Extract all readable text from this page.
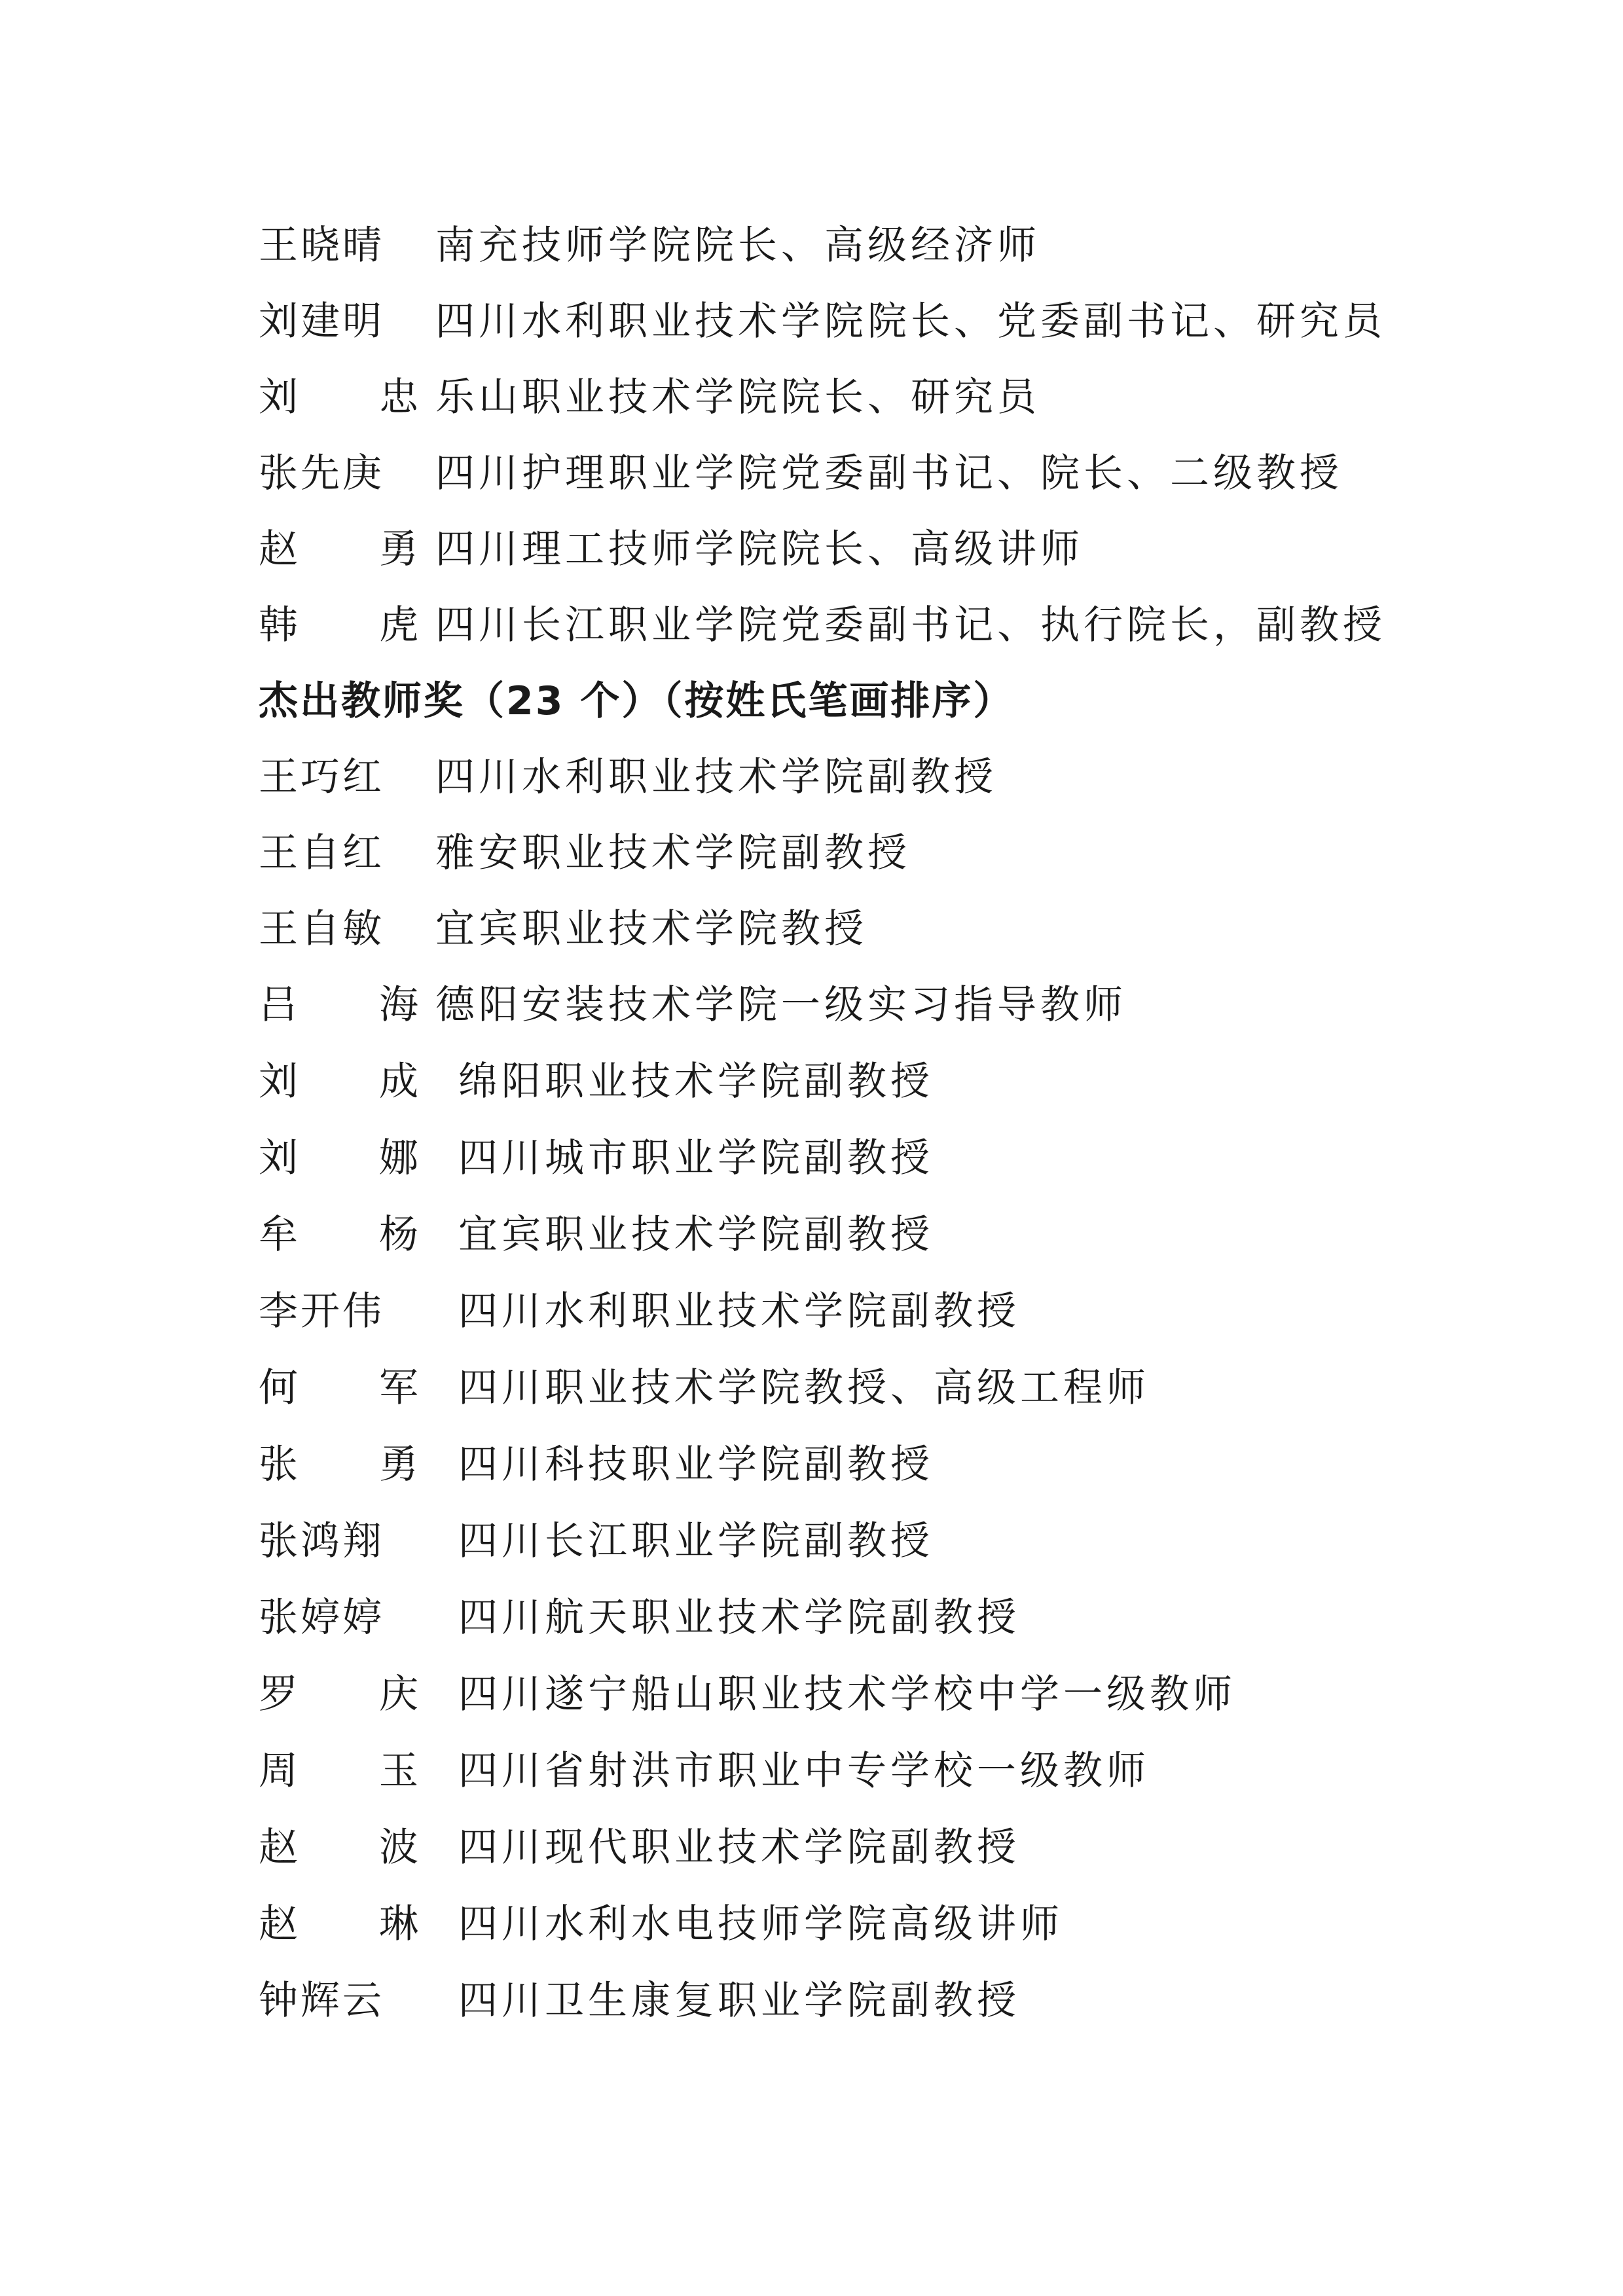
王晓晴 南充技师学院院长、高级经济师
刘建明 四川水利职业技术学院院长、党委副书记、研究员
刘忠
乐山职业技术学院院长、研究员
张先庚 四川护理职业学院党委副书记、院长、二级教授
赵勇
四川理工技师学院院长、高级讲师
韩虎
四川长江职业学院党委副书记、执行院长，副教授
杰出教师奖（23 个）（按姓氏笔画排序）
王巧红 四川水利职业技术学院副教授
王自红 雅安职业技术学院副教授
王自敏 宜宾职业技术学院教授
吕海
德阳安装技术学院一级实习指导教师
刘成
绵阳职业技术学院副教授
刘娜
四川城市职业学院副教授
牟杨
宜宾职业技术学院副教授
李开伟 四川水利职业技术学院副教授
何军
四川职业技术学院教授、高级工程师
张勇
四川科技职业学院副教授
张鸿翔 四川长江职业学院副教授
张婷婷 四川航天职业技术学院副教授
罗庆
四川遂宁船山职业技术学校中学一级教师
周玉
四川省射洪市职业中专学校一级教师
赵波
四川现代职业技术学院副教授
赵琳
四川水利水电技师学院高级讲师
钟辉云 四川卫生康复职业学院副教授
